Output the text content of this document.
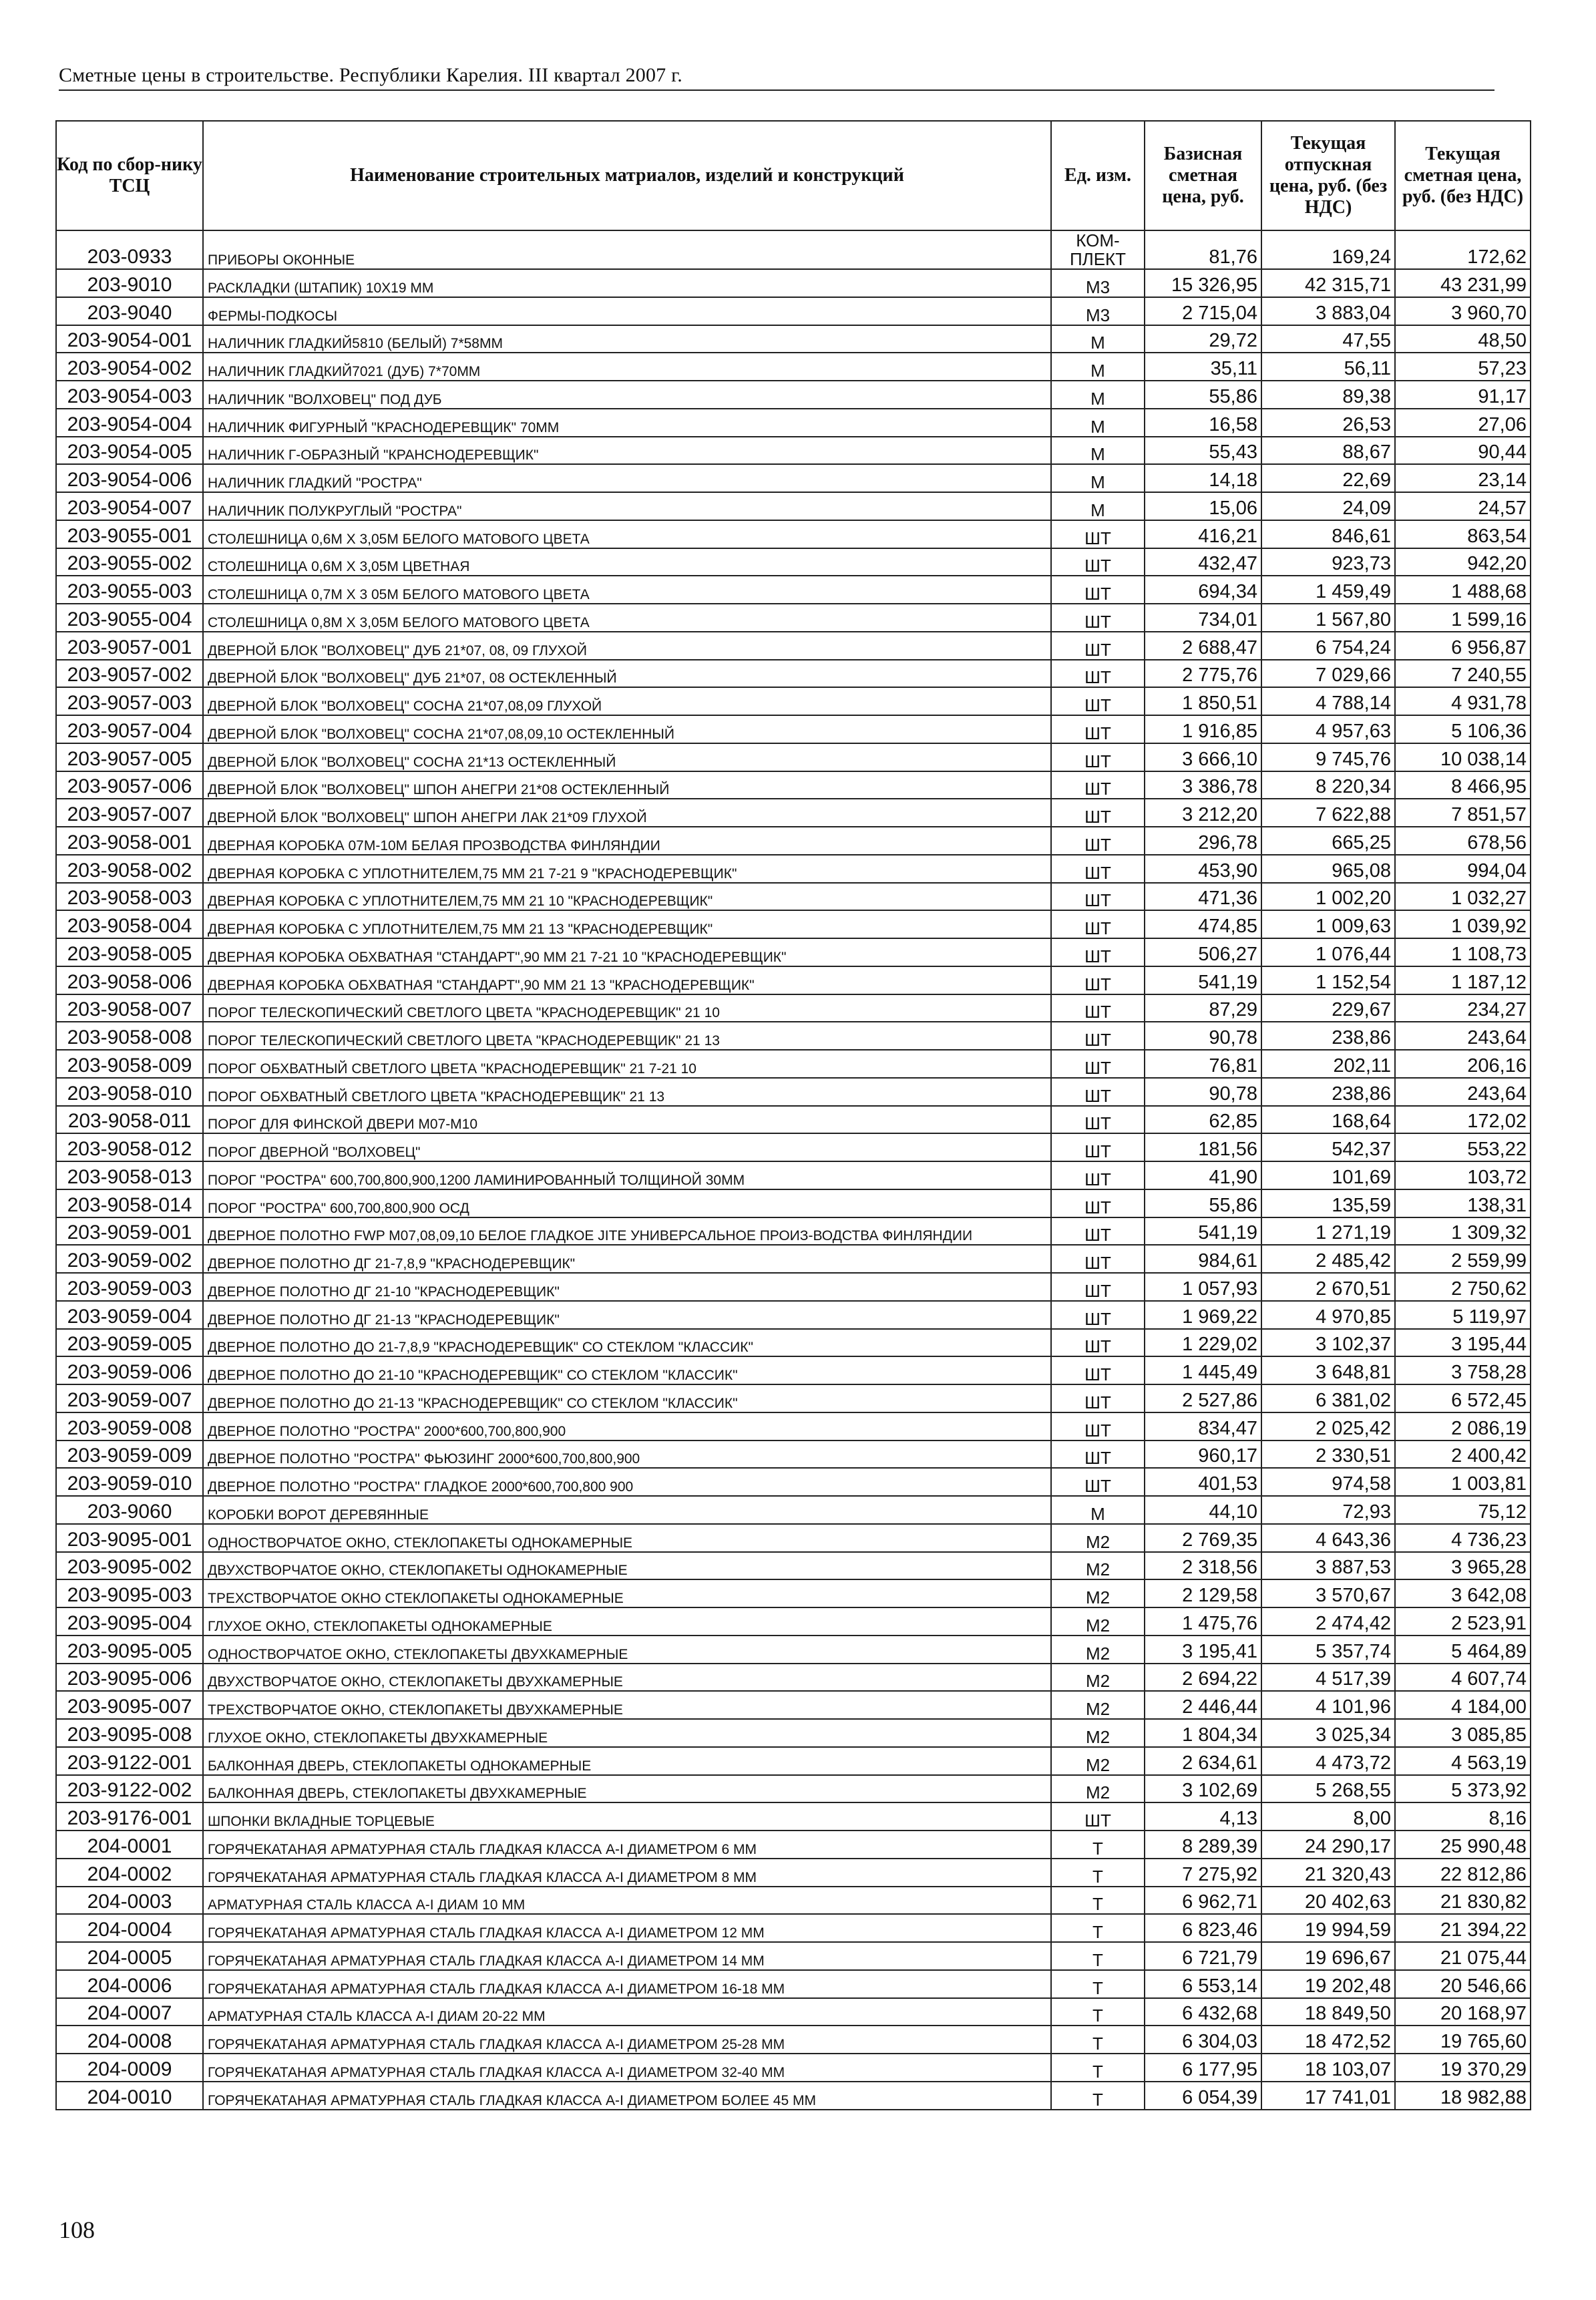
Сметные цены в строительстве. Республики Карелия. III квартал 2007 г.
Код по сбор-нику ТСЦ	Наименование строительных матриалов, изделий и конструкций	Ед. изм.	Базисная сметная цена, руб.	Текущая отпускная цена, руб. (без НДС)	Текущая сметная цена, руб. (без НДС)
203-0933	ПРИБОРЫ ОКОННЫЕ	КОМ-ПЛЕКТ	81,76	169,24	172,62
203-9010	РАСКЛАДКИ (ШТАПИК) 10Х19 ММ	М3	15 326,95	42 315,71	43 231,99
203-9040	ФЕРМЫ-ПОДКОСЫ	М3	2 715,04	3 883,04	3 960,70
203-9054-001	НАЛИЧНИК ГЛАДКИЙ5810 (БЕЛЫЙ) 7*58ММ	М	29,72	47,55	48,50
203-9054-002	НАЛИЧНИК ГЛАДКИЙ7021 (ДУБ) 7*70ММ	М	35,11	56,11	57,23
203-9054-003	НАЛИЧНИК "ВОЛХОВЕЦ" ПОД ДУБ	М	55,86	89,38	91,17
203-9054-004	НАЛИЧНИК ФИГУРНЫЙ "КРАСНОДЕРЕВЩИК" 70ММ	М	16,58	26,53	27,06
203-9054-005	НАЛИЧНИК Г-ОБРАЗНЫЙ "КРАНСНОДЕРЕВЩИК"	М	55,43	88,67	90,44
203-9054-006	НАЛИЧНИК ГЛАДКИЙ "РОСТРА"	М	14,18	22,69	23,14
203-9054-007	НАЛИЧНИК ПОЛУКРУГЛЫЙ "РОСТРА"	М	15,06	24,09	24,57
203-9055-001	СТОЛЕШНИЦА 0,6М Х 3,05М БЕЛОГО МАТОВОГО ЦВЕТА	ШТ	416,21	846,61	863,54
203-9055-002	СТОЛЕШНИЦА 0,6М Х 3,05М ЦВЕТНАЯ	ШТ	432,47	923,73	942,20
203-9055-003	СТОЛЕШНИЦА 0,7М Х 3 05М БЕЛОГО МАТОВОГО ЦВЕТА	ШТ	694,34	1 459,49	1 488,68
203-9055-004	СТОЛЕШНИЦА 0,8М Х 3,05М БЕЛОГО МАТОВОГО ЦВЕТА	ШТ	734,01	1 567,80	1 599,16
203-9057-001	ДВЕРНОЙ БЛОК "ВОЛХОВЕЦ" ДУБ 21*07, 08, 09 ГЛУХОЙ	ШТ	2 688,47	6 754,24	6 956,87
203-9057-002	ДВЕРНОЙ БЛОК "ВОЛХОВЕЦ" ДУБ 21*07, 08 ОСТЕКЛЕННЫЙ	ШТ	2 775,76	7 029,66	7 240,55
203-9057-003	ДВЕРНОЙ БЛОК "ВОЛХОВЕЦ" СОСНА 21*07,08,09 ГЛУХОЙ	ШТ	1 850,51	4 788,14	4 931,78
203-9057-004	ДВЕРНОЙ БЛОК "ВОЛХОВЕЦ" СОСНА 21*07,08,09,10 ОСТЕКЛЕННЫЙ	ШТ	1 916,85	4 957,63	5 106,36
203-9057-005	ДВЕРНОЙ БЛОК "ВОЛХОВЕЦ" СОСНА 21*13 ОСТЕКЛЕННЫЙ	ШТ	3 666,10	9 745,76	10 038,14
203-9057-006	ДВЕРНОЙ БЛОК "ВОЛХОВЕЦ" ШПОН АНЕГРИ 21*08 ОСТЕКЛЕННЫЙ	ШТ	3 386,78	8 220,34	8 466,95
203-9057-007	ДВЕРНОЙ БЛОК "ВОЛХОВЕЦ" ШПОН АНЕГРИ ЛАК 21*09 ГЛУХОЙ	ШТ	3 212,20	7 622,88	7 851,57
203-9058-001	ДВЕРНАЯ КОРОБКА 07М-10М БЕЛАЯ ПРОЗВОДСТВА ФИНЛЯНДИИ	ШТ	296,78	665,25	678,56
203-9058-002	ДВЕРНАЯ КОРОБКА С УПЛОТНИТЕЛЕМ,75 ММ 21 7-21 9 "КРАСНОДЕРЕВЩИК"	ШТ	453,90	965,08	994,04
203-9058-003	ДВЕРНАЯ КОРОБКА С УПЛОТНИТЕЛЕМ,75 ММ 21 10 "КРАСНОДЕРЕВЩИК"	ШТ	471,36	1 002,20	1 032,27
203-9058-004	ДВЕРНАЯ КОРОБКА С УПЛОТНИТЕЛЕМ,75 ММ 21 13 "КРАСНОДЕРЕВЩИК"	ШТ	474,85	1 009,63	1 039,92
203-9058-005	ДВЕРНАЯ КОРОБКА ОБХВАТНАЯ "СТАНДАРТ",90 ММ 21 7-21 10 "КРАСНОДЕРЕВЩИК"	ШТ	506,27	1 076,44	1 108,73
203-9058-006	ДВЕРНАЯ КОРОБКА ОБХВАТНАЯ "СТАНДАРТ",90 ММ 21 13 "КРАСНОДЕРЕВЩИК"	ШТ	541,19	1 152,54	1 187,12
203-9058-007	ПОРОГ ТЕЛЕСКОПИЧЕСКИЙ СВЕТЛОГО ЦВЕТА "КРАСНОДЕРЕВЩИК" 21 10	ШТ	87,29	229,67	234,27
203-9058-008	ПОРОГ ТЕЛЕСКОПИЧЕСКИЙ СВЕТЛОГО ЦВЕТА "КРАСНОДЕРЕВЩИК" 21 13	ШТ	90,78	238,86	243,64
203-9058-009	ПОРОГ ОБХВАТНЫЙ СВЕТЛОГО ЦВЕТА "КРАСНОДЕРЕВЩИК" 21 7-21 10	ШТ	76,81	202,11	206,16
203-9058-010	ПОРОГ ОБХВАТНЫЙ СВЕТЛОГО ЦВЕТА "КРАСНОДЕРЕВЩИК" 21 13	ШТ	90,78	238,86	243,64
203-9058-011	ПОРОГ ДЛЯ ФИНСКОЙ ДВЕРИ М07-М10	ШТ	62,85	168,64	172,02
203-9058-012	ПОРОГ ДВЕРНОЙ "ВОЛХОВЕЦ"	ШТ	181,56	542,37	553,22
203-9058-013	ПОРОГ "РОСТРА" 600,700,800,900,1200 ЛАМИНИРОВАННЫЙ ТОЛЩИНОЙ 30ММ	ШТ	41,90	101,69	103,72
203-9058-014	ПОРОГ "РОСТРА" 600,700,800,900 ОСД	ШТ	55,86	135,59	138,31
203-9059-001	ДВЕРНОЕ ПОЛОТНО FWP М07,08,09,10 БЕЛОЕ ГЛАДКОЕ JITE УНИВЕРСАЛЬНОЕ ПРОИЗ-ВОДСТВА ФИНЛЯНДИИ	ШТ	541,19	1 271,19	1 309,32
203-9059-002	ДВЕРНОЕ ПОЛОТНО ДГ 21-7,8,9 "КРАСНОДЕРЕВЩИК"	ШТ	984,61	2 485,42	2 559,99
203-9059-003	ДВЕРНОЕ ПОЛОТНО ДГ 21-10 "КРАСНОДЕРЕВЩИК"	ШТ	1 057,93	2 670,51	2 750,62
203-9059-004	ДВЕРНОЕ ПОЛОТНО ДГ 21-13 "КРАСНОДЕРЕВЩИК"	ШТ	1 969,22	4 970,85	5 119,97
203-9059-005	ДВЕРНОЕ ПОЛОТНО ДО 21-7,8,9 "КРАСНОДЕРЕВЩИК" СО СТЕКЛОМ "КЛАССИК"	ШТ	1 229,02	3 102,37	3 195,44
203-9059-006	ДВЕРНОЕ ПОЛОТНО ДО 21-10 "КРАСНОДЕРЕВЩИК" СО СТЕКЛОМ "КЛАССИК"	ШТ	1 445,49	3 648,81	3 758,28
203-9059-007	ДВЕРНОЕ ПОЛОТНО ДО 21-13 "КРАСНОДЕРЕВЩИК" СО СТЕКЛОМ "КЛАССИК"	ШТ	2 527,86	6 381,02	6 572,45
203-9059-008	ДВЕРНОЕ ПОЛОТНО "РОСТРА" 2000*600,700,800,900	ШТ	834,47	2 025,42	2 086,19
203-9059-009	ДВЕРНОЕ ПОЛОТНО "РОСТРА" ФЬЮЗИНГ 2000*600,700,800,900	ШТ	960,17	2 330,51	2 400,42
203-9059-010	ДВЕРНОЕ ПОЛОТНО "РОСТРА" ГЛАДКОЕ 2000*600,700,800 900	ШТ	401,53	974,58	1 003,81
203-9060	КОРОБКИ ВОРОТ ДЕРЕВЯННЫЕ	М	44,10	72,93	75,12
203-9095-001	ОДНОСТВОРЧАТОЕ ОКНО, СТЕКЛОПАКЕТЫ ОДНОКАМЕРНЫЕ	М2	2 769,35	4 643,36	4 736,23
203-9095-002	ДВУХСТВОРЧАТОЕ ОКНО, СТЕКЛОПАКЕТЫ ОДНОКАМЕРНЫЕ	М2	2 318,56	3 887,53	3 965,28
203-9095-003	ТРЕХСТВОРЧАТОЕ ОКНО СТЕКЛОПАКЕТЫ ОДНОКАМЕРНЫЕ	М2	2 129,58	3 570,67	3 642,08
203-9095-004	ГЛУХОЕ ОКНО, СТЕКЛОПАКЕТЫ ОДНОКАМЕРНЫЕ	М2	1 475,76	2 474,42	2 523,91
203-9095-005	ОДНОСТВОРЧАТОЕ ОКНО, СТЕКЛОПАКЕТЫ ДВУХКАМЕРНЫЕ	М2	3 195,41	5 357,74	5 464,89
203-9095-006	ДВУХСТВОРЧАТОЕ ОКНО, СТЕКЛОПАКЕТЫ ДВУХКАМЕРНЫЕ	М2	2 694,22	4 517,39	4 607,74
203-9095-007	ТРЕХСТВОРЧАТОЕ ОКНО, СТЕКЛОПАКЕТЫ ДВУХКАМЕРНЫЕ	М2	2 446,44	4 101,96	4 184,00
203-9095-008	ГЛУХОЕ ОКНО, СТЕКЛОПАКЕТЫ ДВУХКАМЕРНЫЕ	М2	1 804,34	3 025,34	3 085,85
203-9122-001	БАЛКОННАЯ ДВЕРЬ, СТЕКЛОПАКЕТЫ ОДНОКАМЕРНЫЕ	М2	2 634,61	4 473,72	4 563,19
203-9122-002	БАЛКОННАЯ ДВЕРЬ, СТЕКЛОПАКЕТЫ ДВУХКАМЕРНЫЕ	М2	3 102,69	5 268,55	5 373,92
203-9176-001	ШПОНКИ ВКЛАДНЫЕ ТОРЦЕВЫЕ	ШТ	4,13	8,00	8,16
204-0001	ГОРЯЧЕКАТАНАЯ АРМАТУРНАЯ СТАЛЬ ГЛАДКАЯ КЛАССА А-I ДИАМЕТРОМ 6 ММ	Т	8 289,39	24 290,17	25 990,48
204-0002	ГОРЯЧЕКАТАНАЯ АРМАТУРНАЯ СТАЛЬ ГЛАДКАЯ КЛАССА А-I ДИАМЕТРОМ 8 ММ	Т	7 275,92	21 320,43	22 812,86
204-0003	АРМАТУРНАЯ СТАЛЬ КЛАССА А-I ДИАМ 10 ММ	Т	6 962,71	20 402,63	21 830,82
204-0004	ГОРЯЧЕКАТАНАЯ АРМАТУРНАЯ СТАЛЬ ГЛАДКАЯ КЛАССА А-I ДИАМЕТРОМ 12 ММ	Т	6 823,46	19 994,59	21 394,22
204-0005	ГОРЯЧЕКАТАНАЯ АРМАТУРНАЯ СТАЛЬ ГЛАДКАЯ КЛАССА А-I ДИАМЕТРОМ 14 ММ	Т	6 721,79	19 696,67	21 075,44
204-0006	ГОРЯЧЕКАТАНАЯ АРМАТУРНАЯ СТАЛЬ ГЛАДКАЯ КЛАССА А-I ДИАМЕТРОМ 16-18 ММ	Т	6 553,14	19 202,48	20 546,66
204-0007	АРМАТУРНАЯ СТАЛЬ КЛАССА А-I ДИАМ 20-22 ММ	Т	6 432,68	18 849,50	20 168,97
204-0008	ГОРЯЧЕКАТАНАЯ АРМАТУРНАЯ СТАЛЬ ГЛАДКАЯ КЛАССА А-I ДИАМЕТРОМ 25-28 ММ	Т	6 304,03	18 472,52	19 765,60
204-0009	ГОРЯЧЕКАТАНАЯ АРМАТУРНАЯ СТАЛЬ ГЛАДКАЯ КЛАССА А-I ДИАМЕТРОМ 32-40 ММ	Т	6 177,95	18 103,07	19 370,29
204-0010	ГОРЯЧЕКАТАНАЯ АРМАТУРНАЯ СТАЛЬ ГЛАДКАЯ КЛАССА А-I ДИАМЕТРОМ БОЛЕЕ 45 ММ	Т	6 054,39	17 741,01	18 982,88
108
